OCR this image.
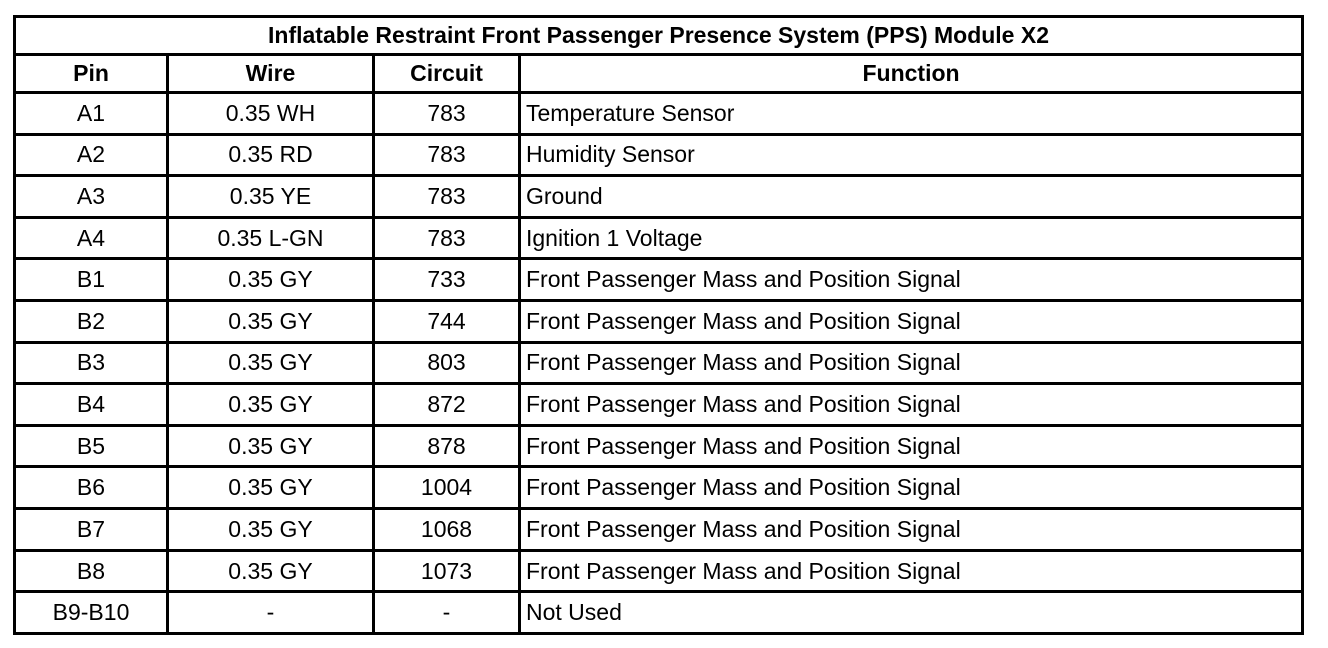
Inflatable Restraint Front Passenger Presence System (PPS) Module X2			
Pin	Wire	Circuit	Function
A1	0.35 WH	783	Temperature Sensor
A2	0.35 RD	783	Humidity Sensor
A3	0.35 YE	783	Ground
A4	0.35 L-GN	783	Ignition 1 Voltage
B1	0.35 GY	733	Front Passenger Mass and Position Signal
B2	0.35 GY	744	Front Passenger Mass and Position Signal
B3	0.35 GY	803	Front Passenger Mass and Position Signal
B4	0.35 GY	872	Front Passenger Mass and Position Signal
B5	0.35 GY	878	Front Passenger Mass and Position Signal
B6	0.35 GY	1004	Front Passenger Mass and Position Signal
B7	0.35 GY	1068	Front Passenger Mass and Position Signal
B8	0.35 GY	1073	Front Passenger Mass and Position Signal
B9-B10	-	-	Not Used
